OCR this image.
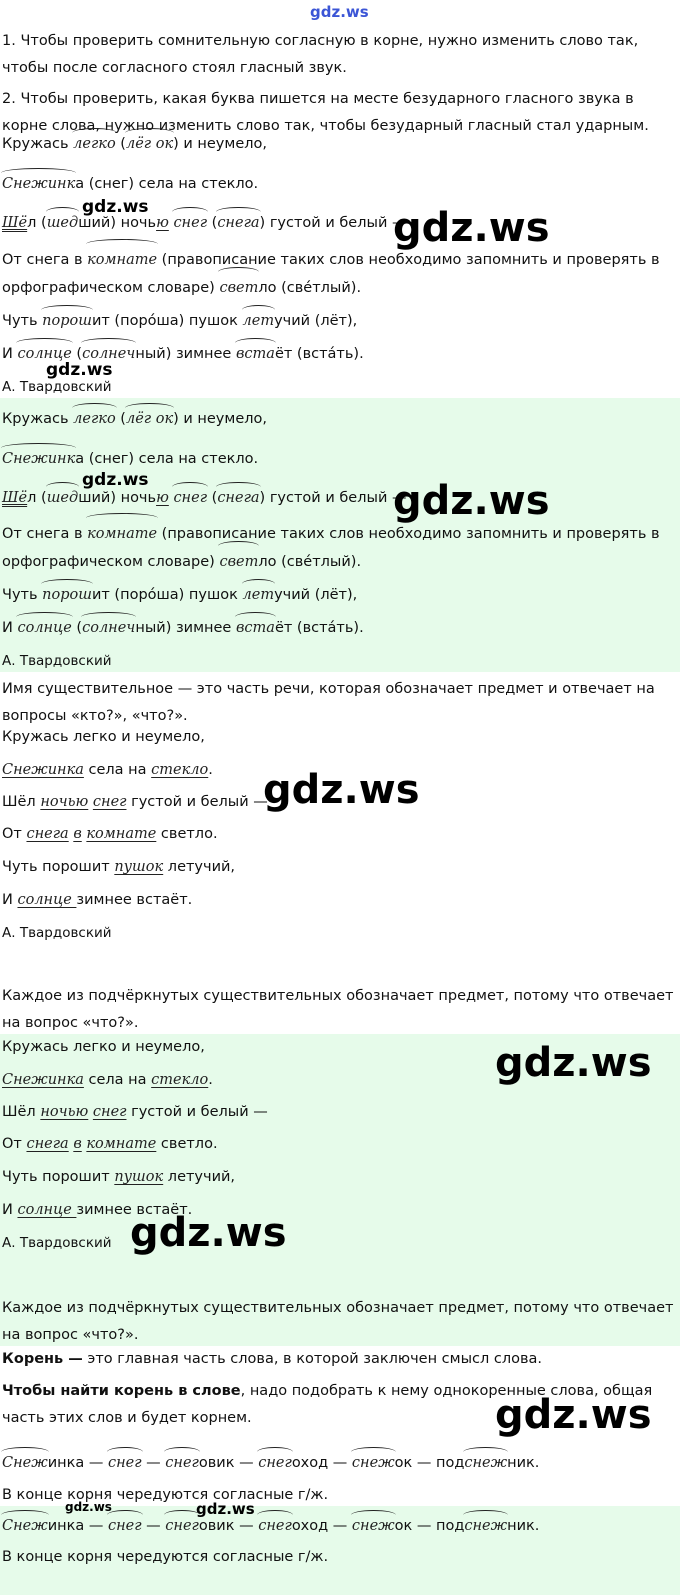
gdz.ws
1. Чтобы проверить сомнительную согласную в корне, нужно изменить слово так, чтобы после согласного стоял гласный звук.
2. Чтобы проверить, какая буква пишется на месте безударного гласного звука в корне слова, нужно изменить слово так, чтобы безударный гласный стал ударным.
Кружась легко (лёг ок) и неумело,
Снежинка (снег) села на стекло.
Шёл (шедший) ночью снег (снега) густой и белый —
От снега в комнате (правописание таких слов необходимо запомнить и проверять в орфографическом словаре) светло (свéтлый).
Чуть порошит (порóша) пушок летучий (лёт),
И солнце (солнечный) зимнее встаёт (встáть).
А. Твардовский
gdz.ws	gdz.ws
gdz.ws
Кружась легко (лёг ок) и неумело,
Снежинка (снег) села на стекло.
Шёл (шедший) ночью снег (снега) густой и белый —
От снега в комнате (правописание таких слов необходимо запомнить и проверять в орфографическом словаре) светло (свéтлый).
Чуть порошит (порóша) пушок летучий (лёт),
И солнце (солнечный) зимнее встаёт (встáть).
А. Твардовский
gdz.ws	gdz.ws
Имя существительное — это часть речи, которая обозначает предмет и отвечает на вопросы «кто?», «что?».
Кружась легко и неумело,
Снежинка села на стекло.
Шёл ночью снег густой и белый —
От снега в комнате светло.
Чуть порошит пушок летучий,
И солнце зимнее встаёт.
А. Твардовский
gdz.ws
Каждое из подчёркнутых существительных обозначает предмет, потому что отвечает на вопрос «что?».
Кружась легко и неумело,
Снежинка села на стекло.
Шёл ночью снег густой и белый —
От снега в комнате светло.
Чуть порошит пушок летучий,
И солнце зимнее встаёт.
А. Твардовский
Каждое из подчёркнутых существительных обозначает предмет, потому что отвечает на вопрос «что?».
gdz.ws
gdz.ws
Корень — это главная часть слова, в которой заключен смысл слова.
Чтобы найти корень в слове, надо подобрать к нему однокоренные слова, общая часть этих слов и будет корнем.	gdz.ws
Снежинка — снег — снеговик — снегоход — снежок — подснежник.
В конце корня чередуются согласные г/ж.
gdz.ws	gdz.ws
Снежинка — снег — снеговик — снегоход — снежок — подснежник.
В конце корня чередуются согласные г/ж.
